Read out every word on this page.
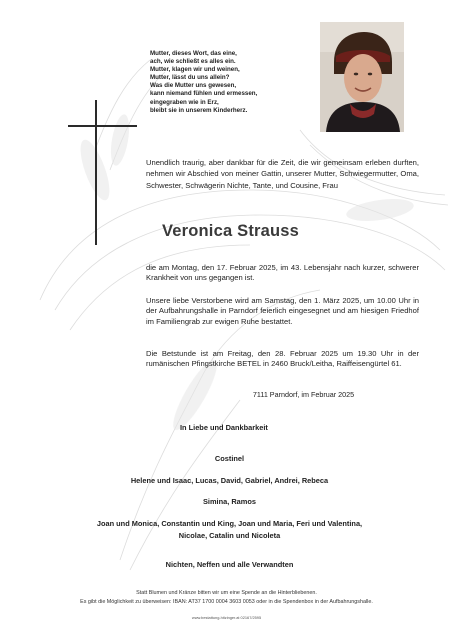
Mutter, dieses Wort, das eine,
ach, wie schließt es alles ein.
Mutter, klagen wir und weinen,
Mutter, lässt du uns allein?
Was die Mutter uns gewesen,
kann niemand fühlen und ermessen,
eingegraben wie in Erz,
bleibt sie in unserem Kinderherz.
Unendlich traurig, aber dankbar für die Zeit, die wir gemeinsam erleben durften, nehmen wir Abschied von meiner Gattin, unserer Mutter, Schwiegermutter, Oma, Schwester, Schwägerin Nichte, Tante, und Cousine, Frau
Veronica Strauss
die am Montag, den 17. Februar 2025, im 43. Lebensjahr nach kurzer, schwerer Krankheit von uns gegangen ist.
Unsere liebe Verstorbene wird am Samstag, den 1. März 2025, um 10.00 Uhr in der Aufbahrungshalle in Parndorf feierlich eingesegnet und am hiesigen Friedhof im Familiengrab zur ewigen Ruhe bestattet.
Die Betstunde ist am Freitag, den 28. Februar 2025 um 19.30 Uhr in der rumänischen Pfingstkirche BETEL in 2460 Bruck/Leitha, Raiffeisengürtel 61.
7111 Parndorf, im Februar 2025
In Liebe und Dankbarkeit
Costinel
Helene und Isaac, Lucas, David, Gabriel, Andrei, Rebeca
Simina, Ramos
Joan und Monica, Constantin und King, Joan und Maria, Feri und Valentina,
Nicolae, Catalin und Nicoleta
Nichten, Neffen und alle Verwandten
Statt Blumen und Kränze bitten wir um eine Spende an die Hinterbliebenen.
Es gibt die Möglichkeit zu überweisen: IBAN: AT37 1700 0004 3603 0053 oder in die Spendenbox in der Aufbahrungshalle.
www.bestattung-hitzinger.at 02167/2595
